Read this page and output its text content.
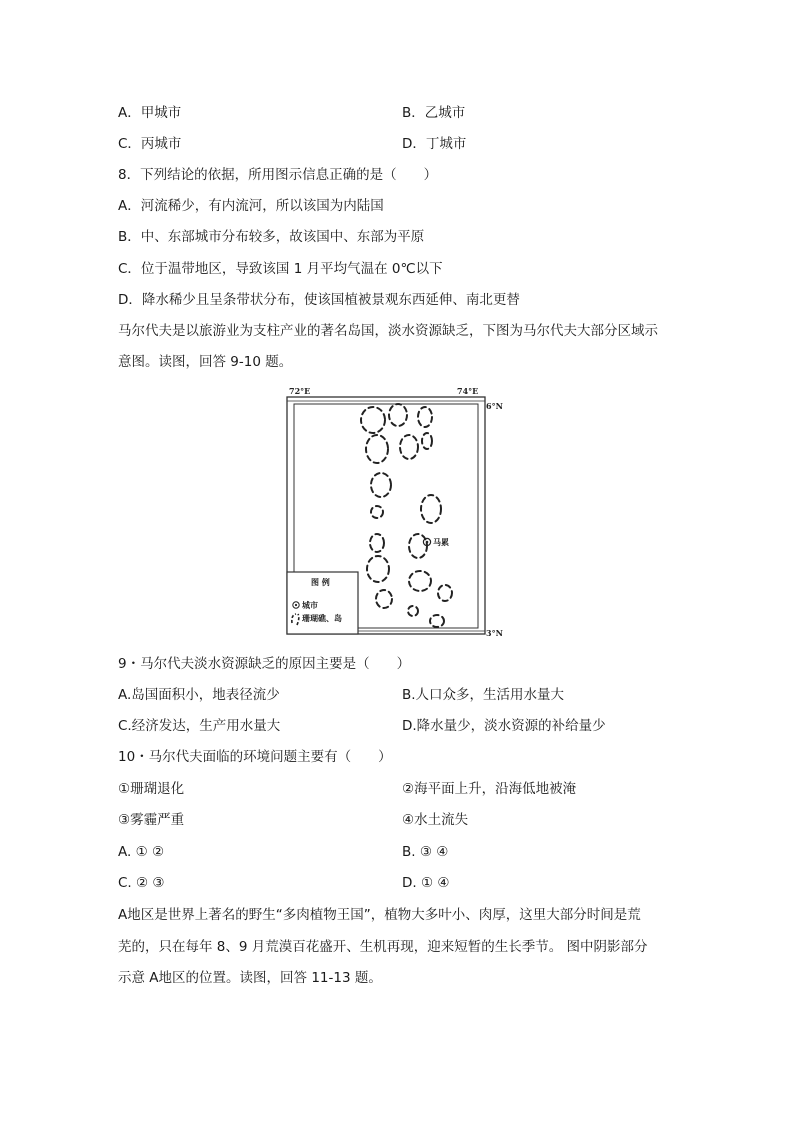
A．甲城市	B．乙城市
C．丙城市	D．丁城市
8．下列结论的依据，所用图示信息正确的是（　　）
A．河流稀少，有内流河，所以该国为内陆国
B．中、东部城市分布较多，故该国中、东部为平原
C．位于温带地区，导致该国 1 月平均气温在 0℃以下
D．降水稀少且呈条带状分布，使该国植被景观东西延伸、南北更替
马尔代夫是以旅游业为支柱产业的著名岛国，淡水资源缺乏，下图为马尔代夫大部分区域示
意图。读图，回答 9-10 题。
72°E	74°E
6°N
3°N
马累
图 例
城市
珊瑚礁、岛
9・马尔代夫淡水资源缺乏的原因主要是（　　）
A.岛国面积小，地表径流少	B.人口众多，生活用水量大
C.经济发达，生产用水量大	D.降水量少，淡水资源的补给量少
10・马尔代夫面临的环境问题主要有（　　）
①珊瑚退化	②海平面上升，沿海低地被淹
③雾霾严重	④水土流失
A. ① ②	B. ③ ④
C. ② ③	D. ① ④
A地区是世界上著名的野生“多肉植物王国”，植物大多叶小、肉厚，这里大部分时间是荒
芜的，只在每年 8、9 月荒漠百花盛开、生机再现，迎来短暂的生长季节。 图中阴影部分
示意 A地区的位置。读图，回答 11-13 题。
